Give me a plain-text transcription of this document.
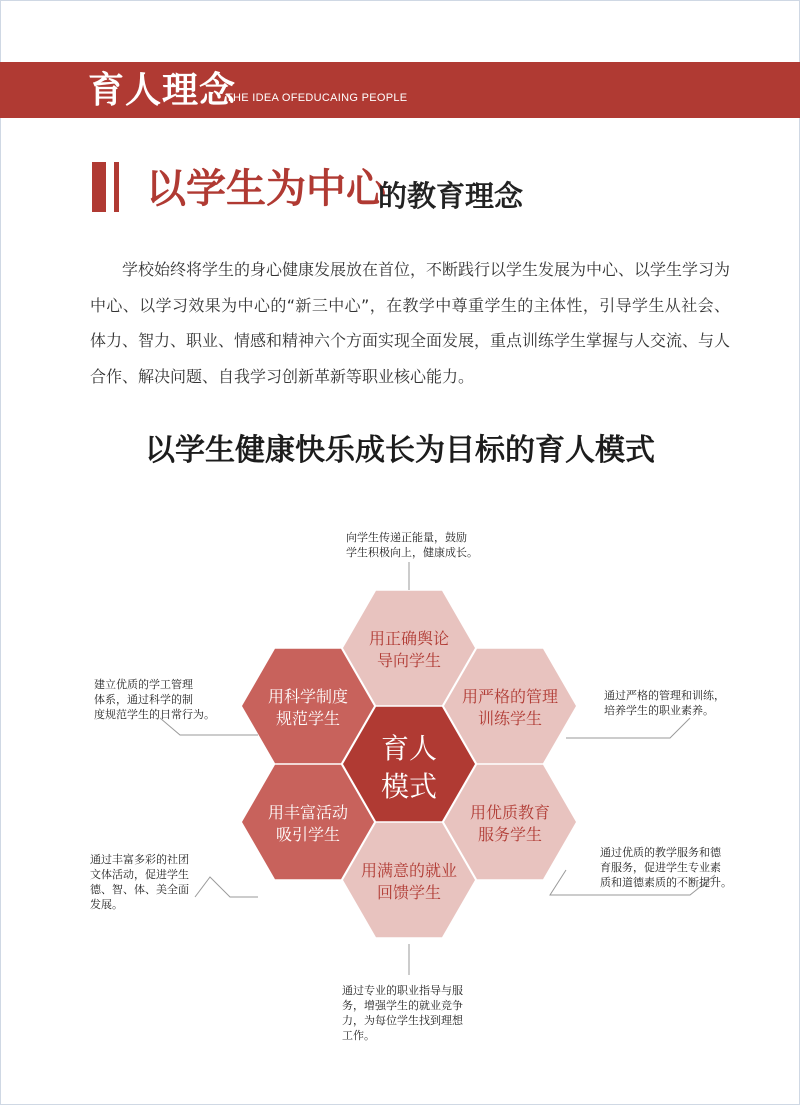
育人理念
THE IDEA OFEDUCAING PEOPLE
以学生为中心
的教育理念
学校始终将学生的身心健康发展放在首位，不断践行以学生发展为中心、以学生学习为中心、以学习效果为中心的“新三中心”，在教学中尊重学生的主体性，引导学生从社会、体力、智力、职业、情感和精神六个方面实现全面发展，重点训练学生掌握与人交流、与人合作、解决问题、自我学习创新革新等职业核心能力。
以学生健康快乐成长为目标的育人模式
用正确舆论
导向学生
用严格的管理
训练学生
用优质教育
服务学生
用满意的就业
回馈学生
用丰富活动
吸引学生
用科学制度
规范学生
育人
模式
向学生传递正能量，鼓励
学生积极向上，健康成长。
通过严格的管理和训练，
培养学生的职业素养。
通过优质的教学服务和德
育服务，促进学生专业素
质和道德素质的不断提升。
通过专业的职业指导与服
务，增强学生的就业竞争
力，为每位学生找到理想
工作。
通过丰富多彩的社团
文体活动，促进学生
德、智、体、美全面
发展。
建立优质的学工管理
体系，通过科学的制
度规范学生的日常行为。
